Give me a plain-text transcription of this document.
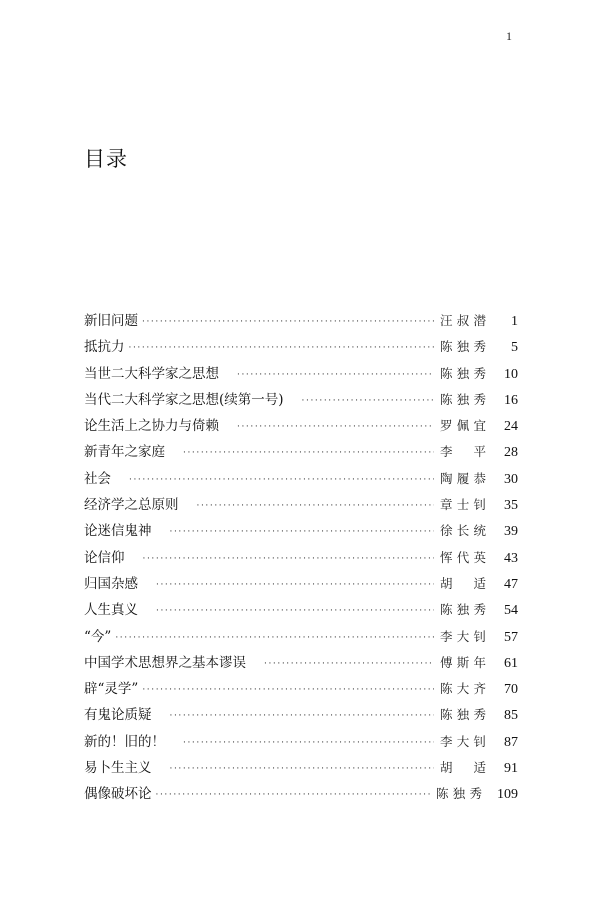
1
目录
新旧问题 ·····	汪叔潜	1
抵抗力 ·····	陈独秀	5
当世二大科学家之思想 ·····	陈独秀	10
当代二大科学家之思想(续第一号) ·····	陈独秀	16
论生活上之协力与倚赖 ·····	罗佩宜	24
新青年之家庭 ·····	李平	28
社会 ·····	陶履恭	30
经济学之总原则 ·····	章士钊	35
论迷信鬼神 ·····	徐长统	39
论信仰 ·····	恽代英	43
归国杂感 ·····	胡适	47
人生真义 ·····	陈独秀	54
“今” ·····	李大钊	57
中国学术思想界之基本谬误 ·····	傅斯年	61
辟“灵学” ·····	陈大齐	70
有鬼论质疑 ·····	陈独秀	85
新的！旧的！ ·····	李大钊	87
易卜生主义 ·····	胡适	91
偶像破坏论 ·····	陈独秀 109
